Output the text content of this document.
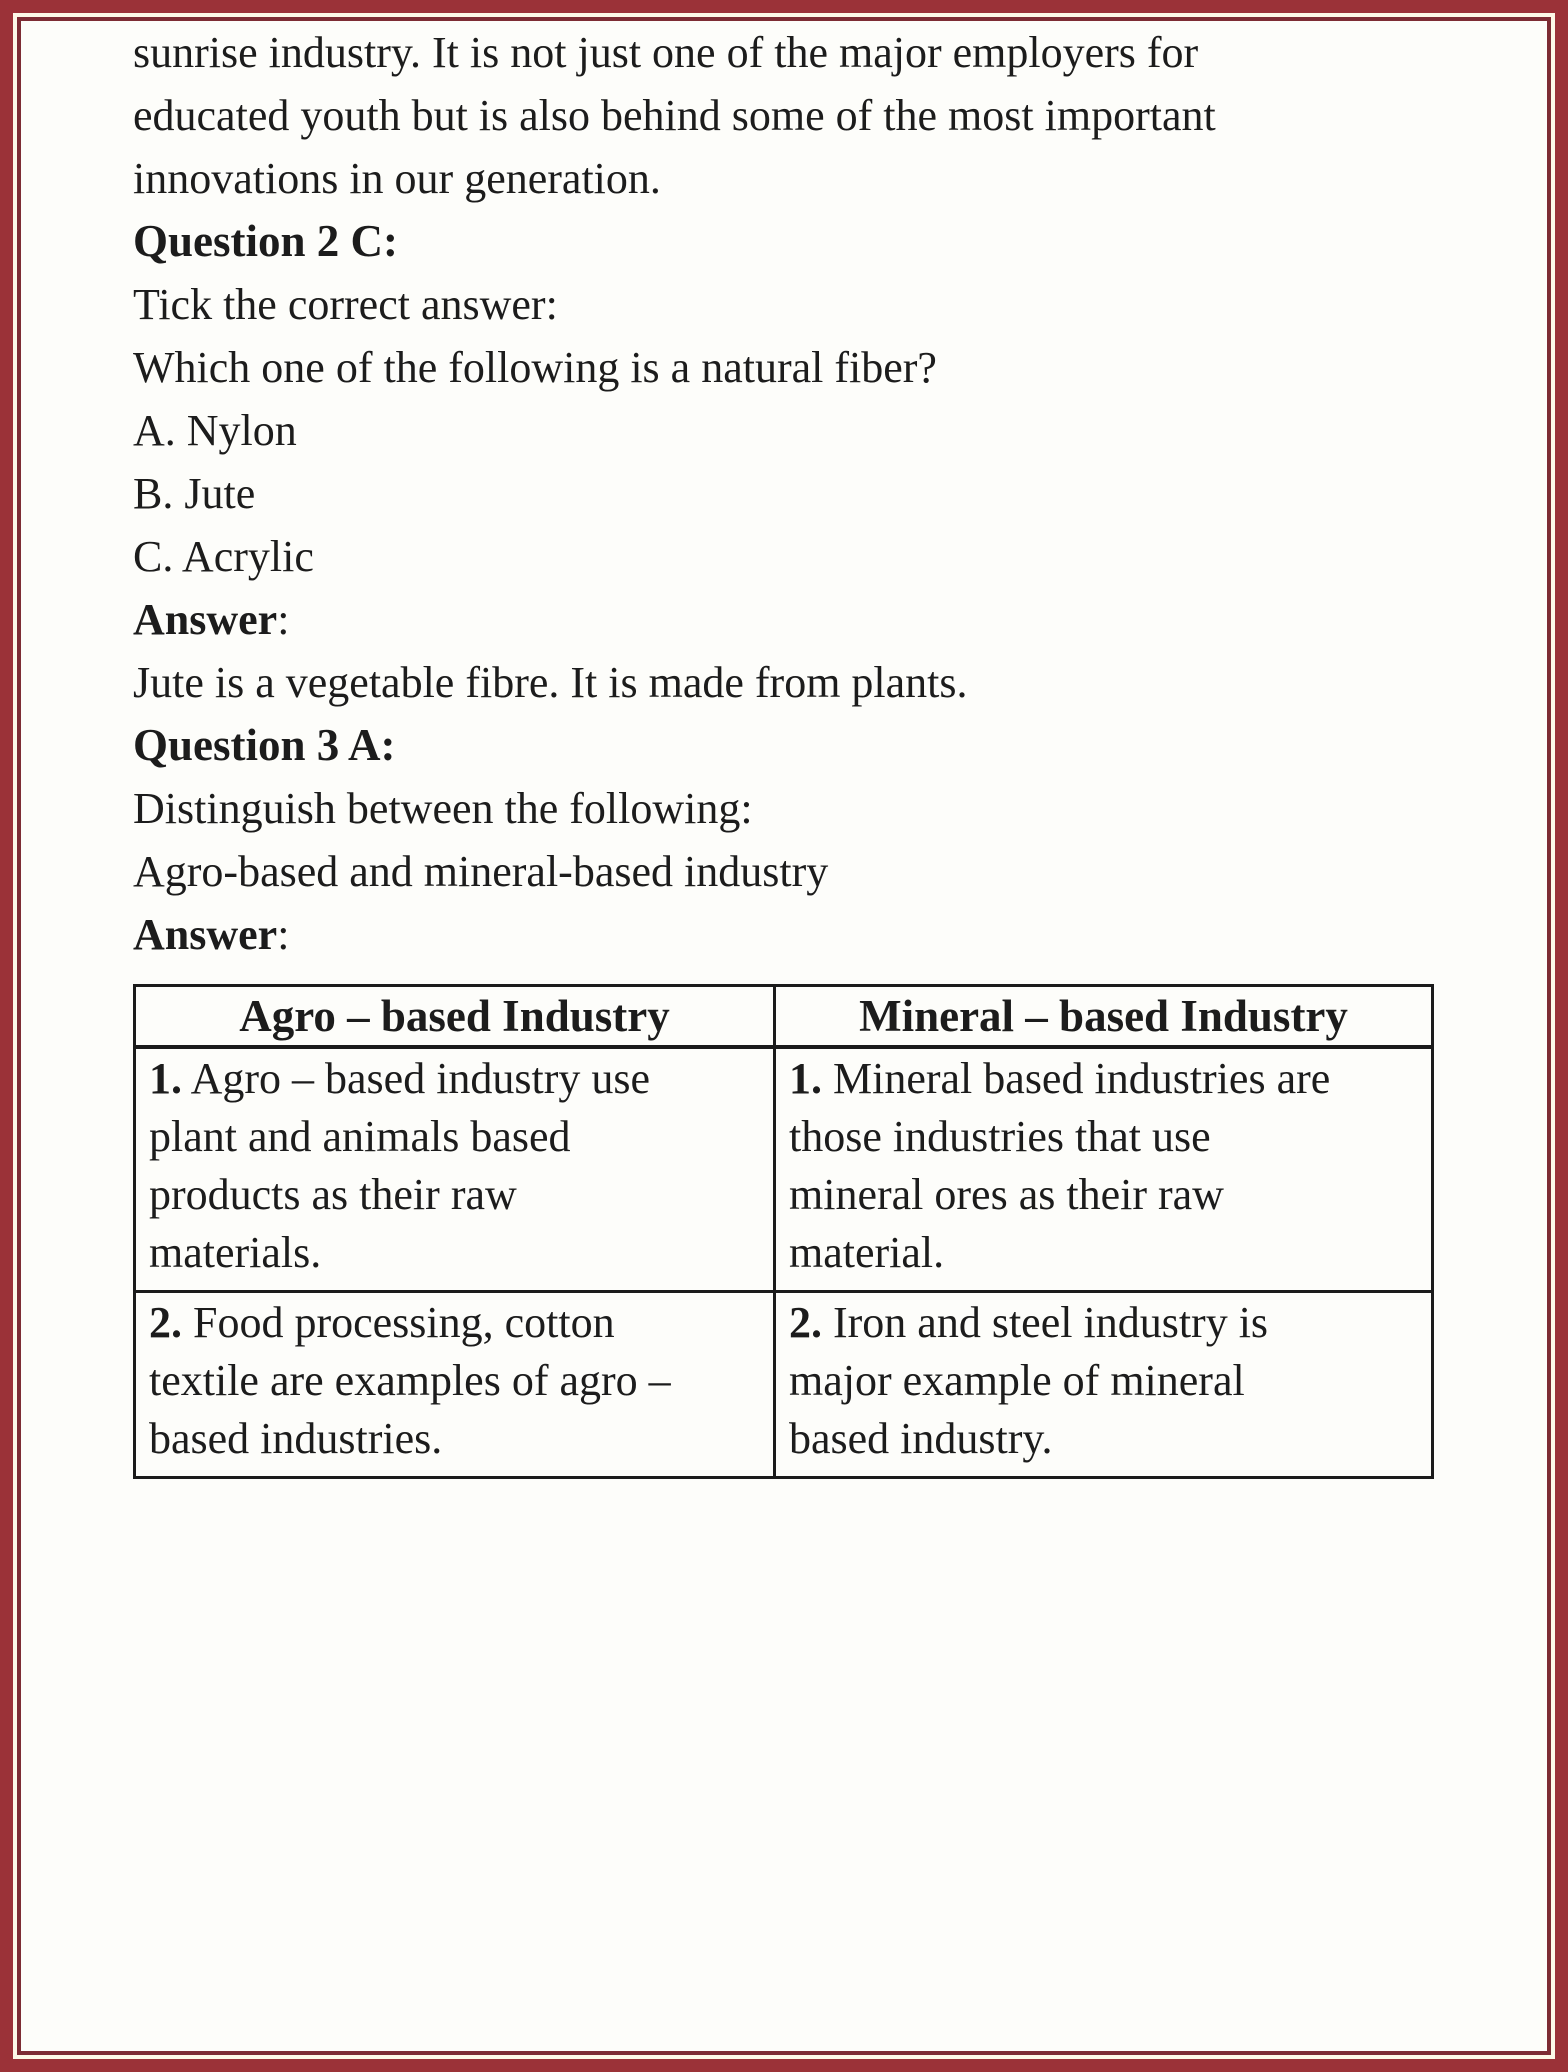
sunrise industry. It is not just one of the major employers for
educated youth but is also behind some of the most important
innovations in our generation.

Question 2 C:

Tick the correct answer:
Which one of the following is a natural fiber?
A. Nylon
B. Jute
C. Acrylic

Answer:

Jute is a vegetable fibre. It is made from plants.

Question 3 A:

Distinguish between the following:
Agro-based and mineral-based industry

Answer:

Agro – based Industry	Mineral – based Industry
1. Agro – based industry use
plant and animals based
products as their raw
materials.	1. Mineral based industries are
those industries that use
mineral ores as their raw
material.
2. Food processing, cotton
textile are examples of agro –
based industries.	2. Iron and steel industry is
major example of mineral
based industry.
